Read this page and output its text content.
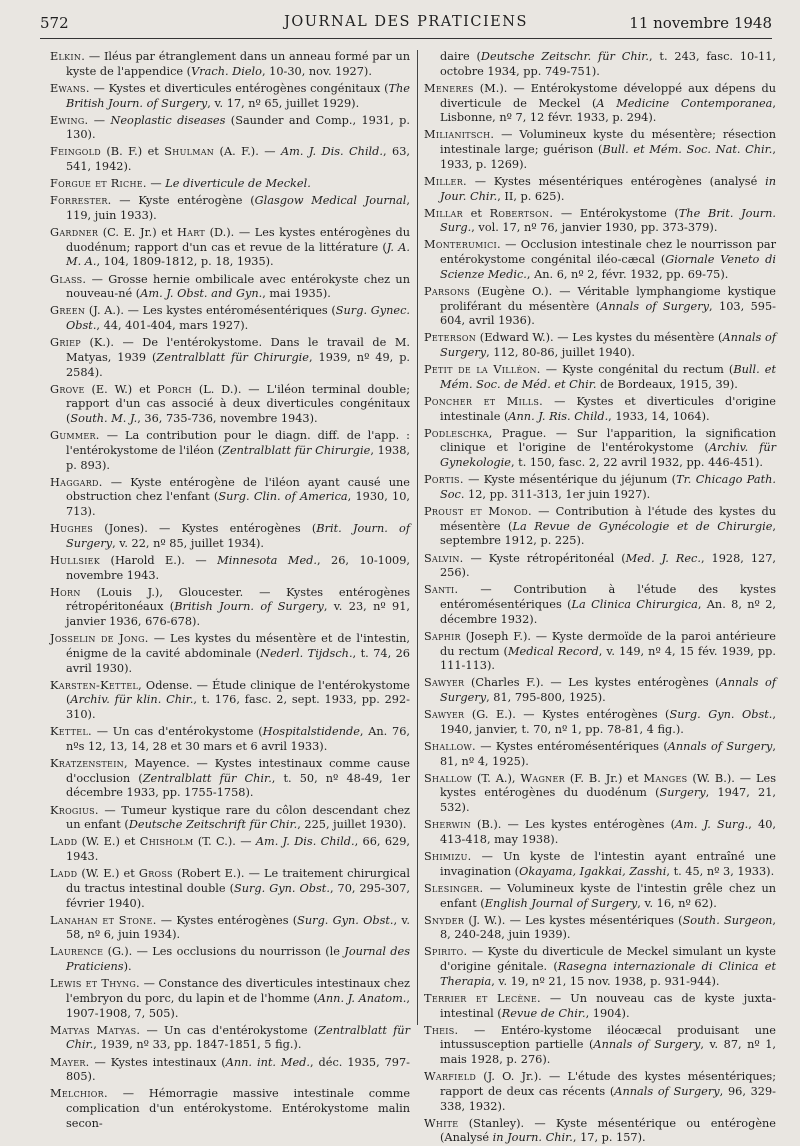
572	JOURNAL DES PRATICIENS	11 novembre 1948

Elkin. — Iléus par étranglement dans un anneau formé par un kyste de l'appendice (Vrach. Dielo, 10-30, nov. 1927).

Ewans. — Kystes et diverticules entérogènes congénitaux (The British Journ. of Surgery, v. 17, nº 65, juillet 1929).

Ewing. — Neoplastic diseases (Saunder and Comp., 1931, p. 130).

Feingold (B. F.) et Shulman (A. F.). — Am. J. Dis. Child., 63, 541, 1942).

Forgue et Riche. — Le diverticule de Meckel.

Forrester. — Kyste entérogène (Glasgow Medical Journal, 119, juin 1933).

Gardner (C. E. Jr.) et Hart (D.). — Les kystes entérogènes du duodénum; rapport d'un cas et revue de la littérature (J. A. M. A., 104, 1809-1812, p. 18, 1935).

Glass. — Grosse hernie ombilicale avec entérokyste chez un nouveau-né (Am. J. Obst. and Gyn., mai 1935).

Green (J. A.). — Les kystes entéromésentériques (Surg. Gynec. Obst., 44, 401-404, mars 1927).

Griep (K.). — De l'entérokystome. Dans le travail de M. Matyas, 1939 (Zentralblatt für Chirurgie, 1939, nº 49, p. 2584).

Grove (E. W.) et Porch (L. D.). — L'iléon terminal double; rapport d'un cas associé à deux diverticules congénitaux (South. M. J., 36, 735-736, novembre 1943).

Gummer. — La contribution pour le diagn. diff. de l'app. : l'entérokystome de l'iléon (Zentralblatt für Chirurgie, 1938, p. 893).

Haggard. — Kyste entérogène de l'iléon ayant causé une obstruction chez l'enfant (Surg. Clin. of America, 1930, 10, 713).

Hughes (Jones). — Kystes entérogènes (Brit. Journ. of Surgery, v. 22, nº 85, juillet 1934).

Hullsiek (Harold E.). — Minnesota Med., 26, 10-1009, novembre 1943.

Horn (Louis J.), Gloucester. — Kystes entérogènes rétropéritonéaux (British Journ. of Surgery, v. 23, nº 91, janvier 1936, 676-678).

Josselin de Jong. — Les kystes du mésentère et de l'intestin, énigme de la cavité abdominale (Nederl. Tijdsch., t. 74, 26 avril 1930).

Karsten-Kettel, Odense. — Étude clinique de l'entérokystome (Archiv. für klin. Chir., t. 176, fasc. 2, sept. 1933, pp. 292-310).

Kettel. — Un cas d'entérokystome (Hospitalstidende, An. 76, nºs 12, 13, 14, 28 et 30 mars et 6 avril 1933).

Kratzenstein, Mayence. — Kystes intestinaux comme cause d'occlusion (Zentralblatt für Chir., t. 50, nº 48-49, 1er décembre 1933, pp. 1755-1758).

Krogius. — Tumeur kystique rare du côlon descendant chez un enfant (Deutsche Zeitschrift für Chir., 225, juillet 1930).

Ladd (W. E.) et Chisholm (T. C.). — Am. J. Dis. Child., 66, 629, 1943.

Ladd (W. E.) et Gross (Robert E.). — Le traitement chirurgical du tractus intestinal double (Surg. Gyn. Obst., 70, 295-307, février 1940).

Lanahan et Stone. — Kystes entérogènes (Surg. Gyn. Obst., v. 58, nº 6, juin 1934).

Laurence (G.). — Les occlusions du nourrisson (le Journal des Praticiens).

Lewis et Thyng. — Constance des diverticules intestinaux chez l'embryon du porc, du lapin et de l'homme (Ann. J. Anatom., 1907-1908, 7, 505).

Matyas Matyas. — Un cas d'entérokystome (Zentralblatt für Chir., 1939, nº 33, pp. 1847-1851, 5 fig.).

Mayer. — Kystes intestinaux (Ann. int. Med., déc. 1935, 797-805).

Melchior. — Hémorragie massive intestinale comme complication d'un entérokystome. Entérokystome malin secon-

daire (Deutsche Zeitschr. für Chir., t. 243, fasc. 10-11, octobre 1934, pp. 749-751).

Meneres (M.). — Entérokystome développé aux dépens du diverticule de Meckel (A Medicine Contemporanea, Lisbonne, nº 7, 12 févr. 1933, p. 294).

Milianitsch. — Volumineux kyste du mésentère; résection intestinale large; guérison (Bull. et Mém. Soc. Nat. Chir., 1933, p. 1269).

Miller. — Kystes mésentériques entérogènes (analysé in Jour. Chir., II, p. 625).

Millar et Robertson. — Entérokystome (The Brit. Journ. Surg., vol. 17, nº 76, janvier 1930, pp. 373-379).

Monterumici. — Occlusion intestinale chez le nourrisson par entérokystome congénital iléo-cæcal (Giornale Veneto di Scienze Medic., An. 6, nº 2, févr. 1932, pp. 69-75).

Parsons (Eugène O.). — Véritable lymphangiome kystique proliférant du mésentère (Annals of Surgery, 103, 595-604, avril 1936).

Peterson (Edward W.). — Les kystes du mésentère (Annals of Surgery, 112, 80-86, juillet 1940).

Petit de la Villéon. — Kyste congénital du rectum (Bull. et Mém. Soc. de Méd. et Chir. de Bordeaux, 1915, 39).

Poncher et Mills. — Kystes et diverticules d'origine intestinale (Ann. J. Ris. Child., 1933, 14, 1064).

Podleschka, Prague. — Sur l'apparition, la signification clinique et l'origine de l'entérokystome (Archiv. für Gynekologie, t. 150, fasc. 2, 22 avril 1932, pp. 446-451).

Portis. — Kyste mésentérique du jéjunum (Tr. Chicago Path. Soc. 12, pp. 311-313, 1er juin 1927).

Proust et Monod. — Contribution à l'étude des kystes du mésentère (La Revue de Gynécologie et de Chirurgie, septembre 1912, p. 225).

Salvin. — Kyste rétropéritonéal (Med. J. Rec., 1928, 127, 256).

Santi. — Contribution à l'étude des kystes entéromésentériques (La Clinica Chirurgica, An. 8, nº 2, décembre 1932).

Saphir (Joseph F.). — Kyste dermoïde de la paroi antérieure du rectum (Medical Record, v. 149, nº 4, 15 fév. 1939, pp. 111-113).

Sawyer (Charles F.). — Les kystes entérogènes (Annals of Surgery, 81, 795-800, 1925).

Sawyer (G. E.). — Kystes entérogènes (Surg. Gyn. Obst., 1940, janvier, t. 70, nº 1, pp. 78-81, 4 fig.).

Shallow. — Kystes entéromésentériques (Annals of Surgery, 81, nº 4, 1925).

Shallow (T. A.), Wagner (F. B. Jr.) et Manges (W. B.). — Les kystes entérogènes du duodénum (Surgery, 1947, 21, 532).

Sherwin (B.). — Les kystes entérogènes (Am. J. Surg., 40, 413-418, may 1938).

Shimizu. — Un kyste de l'intestin ayant entraîné une invagination (Okayama, Igakkai, Zasshi, t. 45, nº 3, 1933).

Slesinger. — Volumineux kyste de l'intestin grêle chez un enfant (English Journal of Surgery, v. 16, nº 62).

Snyder (J. W.). — Les kystes mésentériques (South. Surgeon, 8, 240-248, juin 1939).

Spirito. — Kyste du diverticule de Meckel simulant un kyste d'origine génitale. (Rasegna internazionale di Clinica et Therapia, v. 19, nº 21, 15 nov. 1938, p. 931-944).

Terrier et Lecène. — Un nouveau cas de kyste juxta-intestinal (Revue de Chir., 1904).

Theis. — Entéro-kystome iléocæcal produisant une intussusception partielle (Annals of Surgery, v. 87, nº 1, mais 1928, p. 276).

Warfield (J. O. Jr.). — L'étude des kystes mésentériques; rapport de deux cas récents (Annals of Surgery, 96, 329-338, 1932).

White (Stanley). — Kyste mésentérique ou entérogène (Analysé in Journ. Chir., 17, p. 157).
